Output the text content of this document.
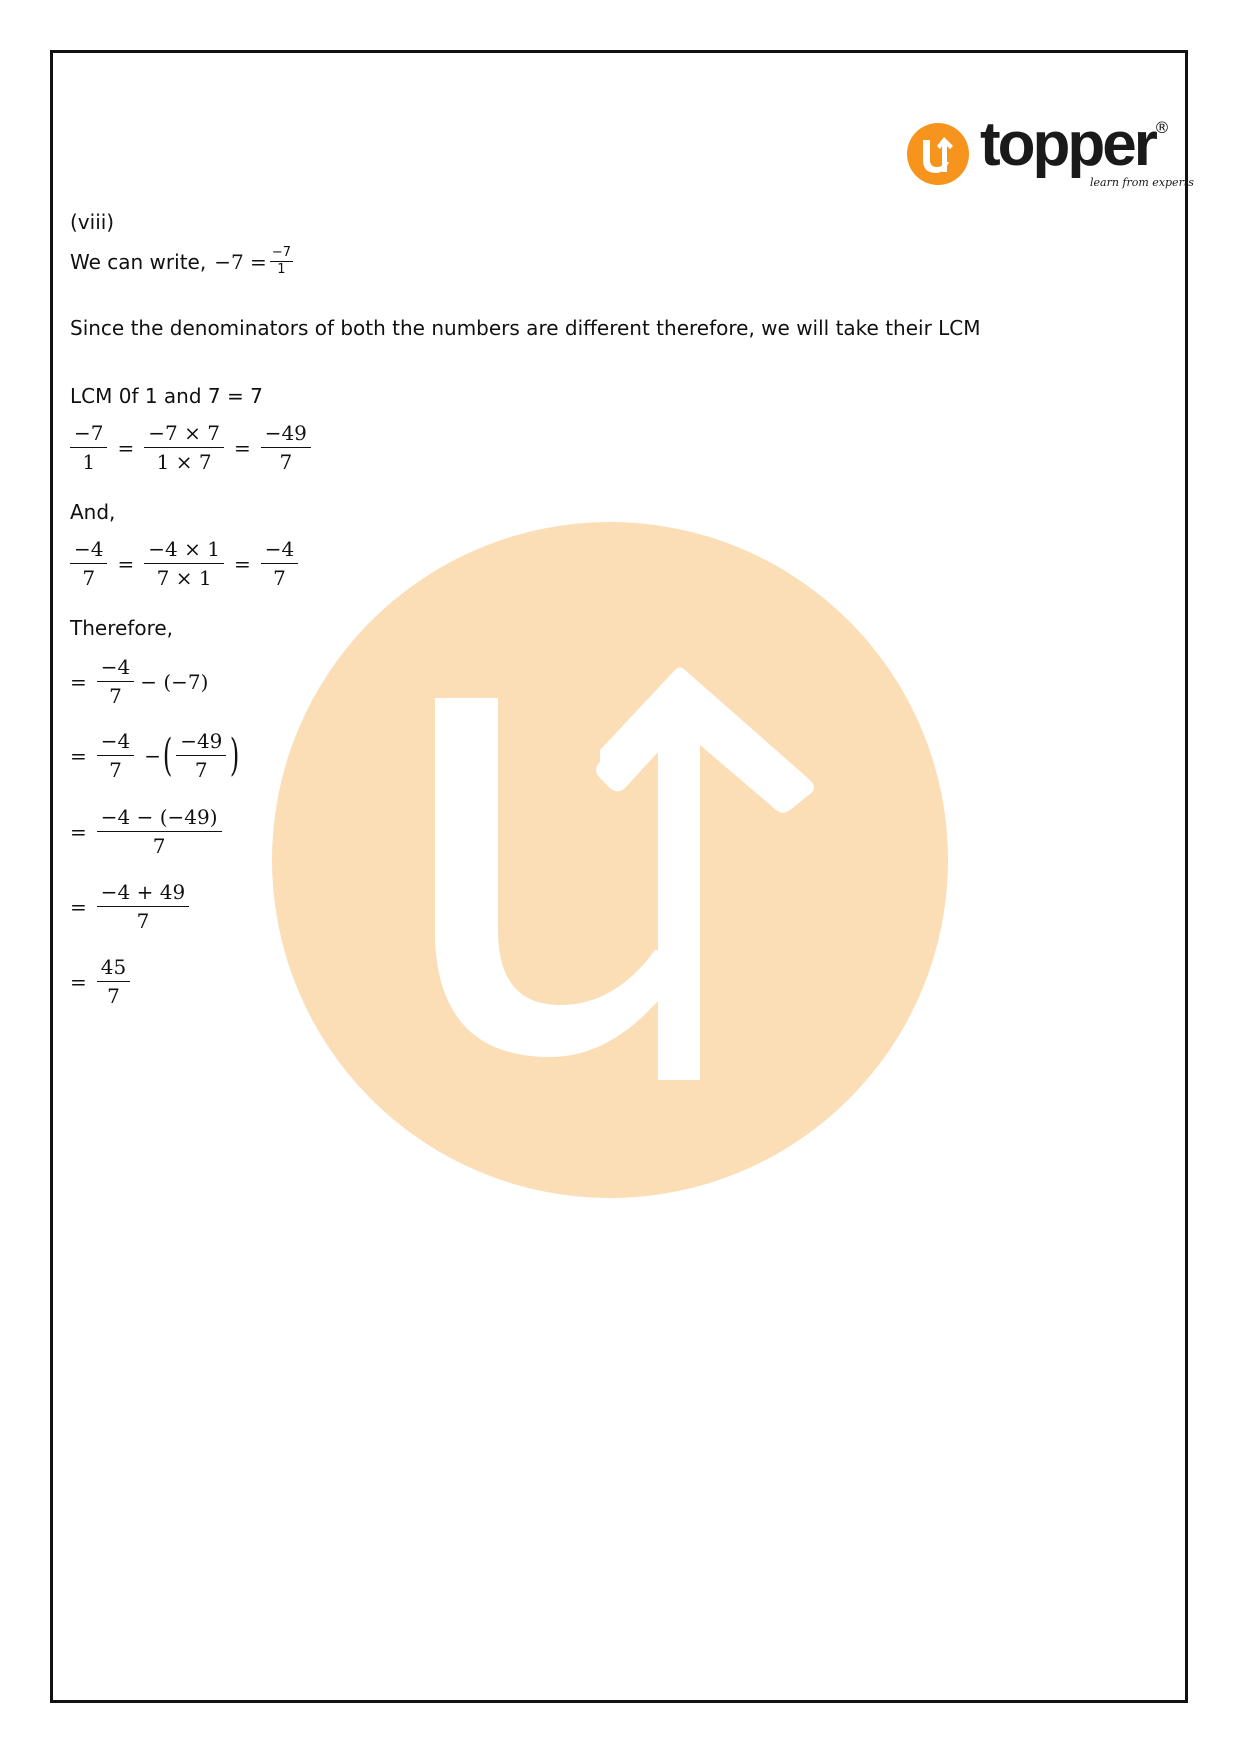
topper ®
learn from experts
(viii)
We can write, $-7 = \frac{-7}{1}$
Since the denominators of both the numbers are different therefore, we will take their LCM
LCM 0f 1 and 7 = 7
$\frac{-7}{1} = \frac{-7 \times 7}{1 \times 7} = \frac{-49}{7}$
And,
$\frac{-4}{7} = \frac{-4 \times 1}{7 \times 1} = \frac{-4}{7}$
Therefore,
= $\frac{-4}{7} - (-7)$
= $\frac{-4}{7}$ − ( $\frac{-49}{7}$ )
= $\frac{-4 - (-49)}{7}$
= $\frac{-4 + 49}{7}$
= $\frac{45}{7}$
